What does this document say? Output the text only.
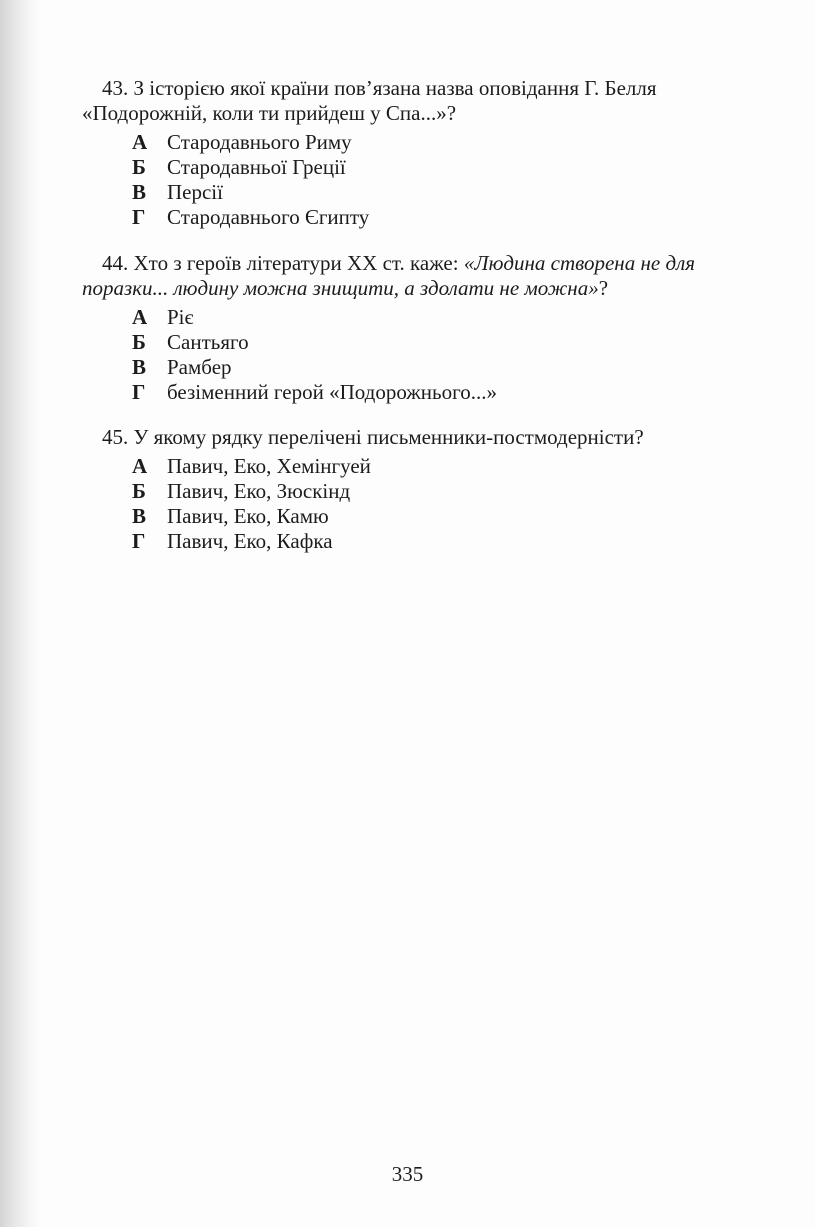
43. З історією якої країни пов’язана назва оповідання Г. Белля «Подорожній, коли ти прийдеш у Спа...»?

А Стародавнього Риму
Б	Стародавньої Греції
В Персії
Г	Стародавнього Єгипту

44. Хто з героїв літератури XX ст. каже: «Людина створена не для поразки... людину можна знищити, а здолати не можна»?

А Ріє
Б	Сантьяго
В Рамбер
Г	безіменний герой «Подорожнього...»

45. У якому рядку перелічені письменники-постмодерністи?

А Павич, Еко, Хемінгуей
Б	Павич, Еко, Зюскінд
В Павич, Еко, Камю
Г	Павич, Еко, Кафка
335
